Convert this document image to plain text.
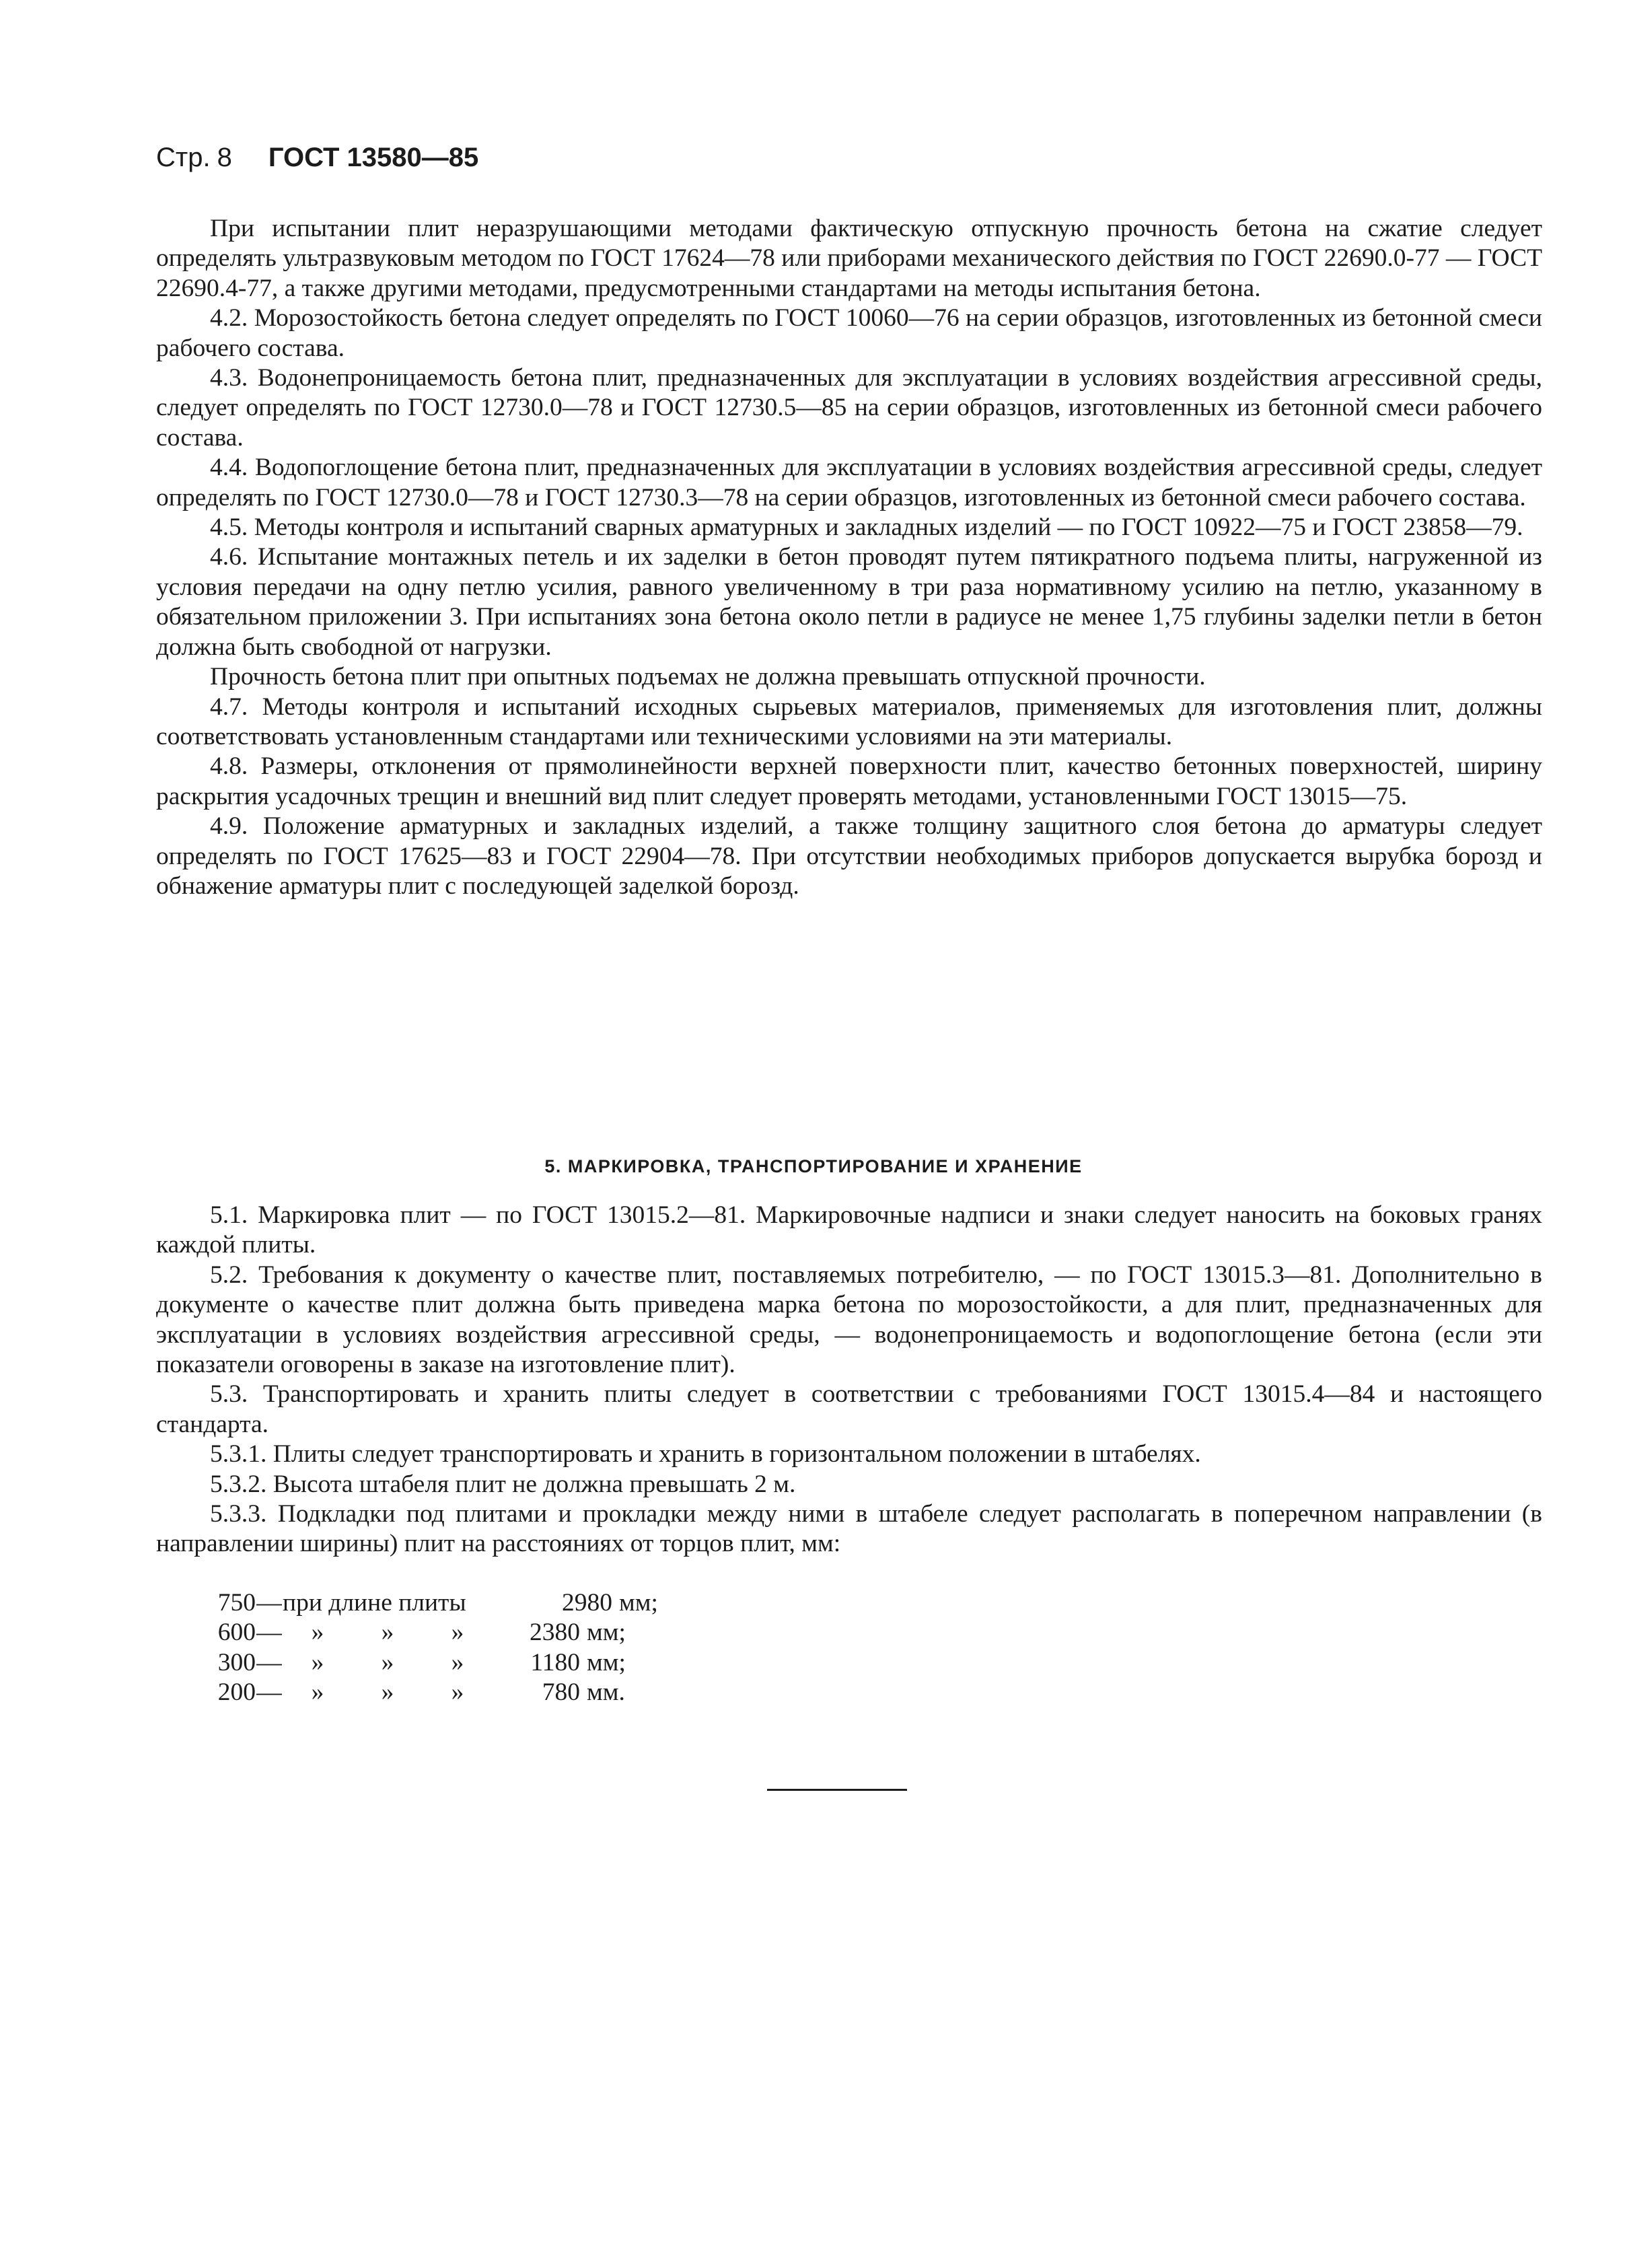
Стр. 8 ГОСТ 13580—85

При испытании плит неразрушающими методами фактическую отпускную прочность бетона на сжатие следует определять ультразвуковым методом по ГОСТ 17624—78 или приборами механического действия по ГОСТ 22690.0-77 — ГОСТ 22690.4-77, а также другими методами, предусмотренными стандартами на методы испытания бетона.

4.2. Морозостойкость бетона следует определять по ГОСТ 10060—76 на серии образцов, изготовленных из бетонной смеси рабочего состава.

4.3. Водонепроницаемость бетона плит, предназначенных для эксплуатации в условиях воздействия агрессивной среды, следует определять по ГОСТ 12730.0—78 и ГОСТ 12730.5—85 на серии образцов, изготовленных из бетонной смеси рабочего состава.

4.4. Водопоглощение бетона плит, предназначенных для эксплуатации в условиях воздействия агрессивной среды, следует определять по ГОСТ 12730.0—78 и ГОСТ 12730.3—78 на серии образцов, изготовленных из бетонной смеси рабочего состава.

4.5. Методы контроля и испытаний сварных арматурных и закладных изделий — по ГОСТ 10922—75 и ГОСТ 23858—79.

4.6. Испытание монтажных петель и их заделки в бетон проводят путем пятикратного подъема плиты, нагруженной из условия передачи на одну петлю усилия, равного увеличенному в три раза нормативному усилию на петлю, указанному в обязательном приложении 3. При испытаниях зона бетона около петли в радиусе не менее 1,75 глубины заделки петли в бетон должна быть свободной от нагрузки.

Прочность бетона плит при опытных подъемах не должна превышать отпускной прочности.

4.7. Методы контроля и испытаний исходных сырьевых материалов, применяемых для изготовления плит, должны соответствовать установленным стандартами или техническими условиями на эти материалы.

4.8. Размеры, отклонения от прямолинейности верхней поверхности плит, качество бетонных поверхностей, ширину раскрытия усадочных трещин и внешний вид плит следует проверять методами, установленными ГОСТ 13015—75.

4.9. Положение арматурных и закладных изделий, а также толщину защитного слоя бетона до арматуры следует определять по ГОСТ 17625—83 и ГОСТ 22904—78. При отсутствии необходимых приборов допускается вырубка борозд и обнажение арматуры плит с последующей заделкой борозд.

5. МАРКИРОВКА, ТРАНСПОРТИРОВАНИЕ И ХРАНЕНИЕ

5.1. Маркировка плит — по ГОСТ 13015.2—81. Маркировочные надписи и знаки следует наносить на боковых гранях каждой плиты.

5.2. Требования к документу о качестве плит, поставляемых потребителю, — по ГОСТ 13015.3—81. Дополнительно в документе о качестве плит должна быть приведена марка бетона по морозостойкости, а для плит, предназначенных для эксплуатации в условиях воздействия агрессивной среды, — водонепроницаемость и водопоглощение бетона (если эти показатели оговорены в заказе на изготовление плит).

5.3. Транспортировать и хранить плиты следует в соответствии с требованиями ГОСТ 13015.4—84 и настоящего стандарта.

5.3.1. Плиты следует транспортировать и хранить в горизонтальном положении в штабелях.

5.3.2. Высота штабеля плит не должна превышать 2 м.

5.3.3. Подкладки под плитами и прокладки между ними в штабеле следует располагать в поперечном направлении (в направлении ширины) плит на расстояниях от торцов плит, мм:

750 — при длине плиты	2980 мм;
600 —	»	»	»	2380 мм;
300 —	»	»	»	1180 мм;
200 —	»	»	»	780 мм.
